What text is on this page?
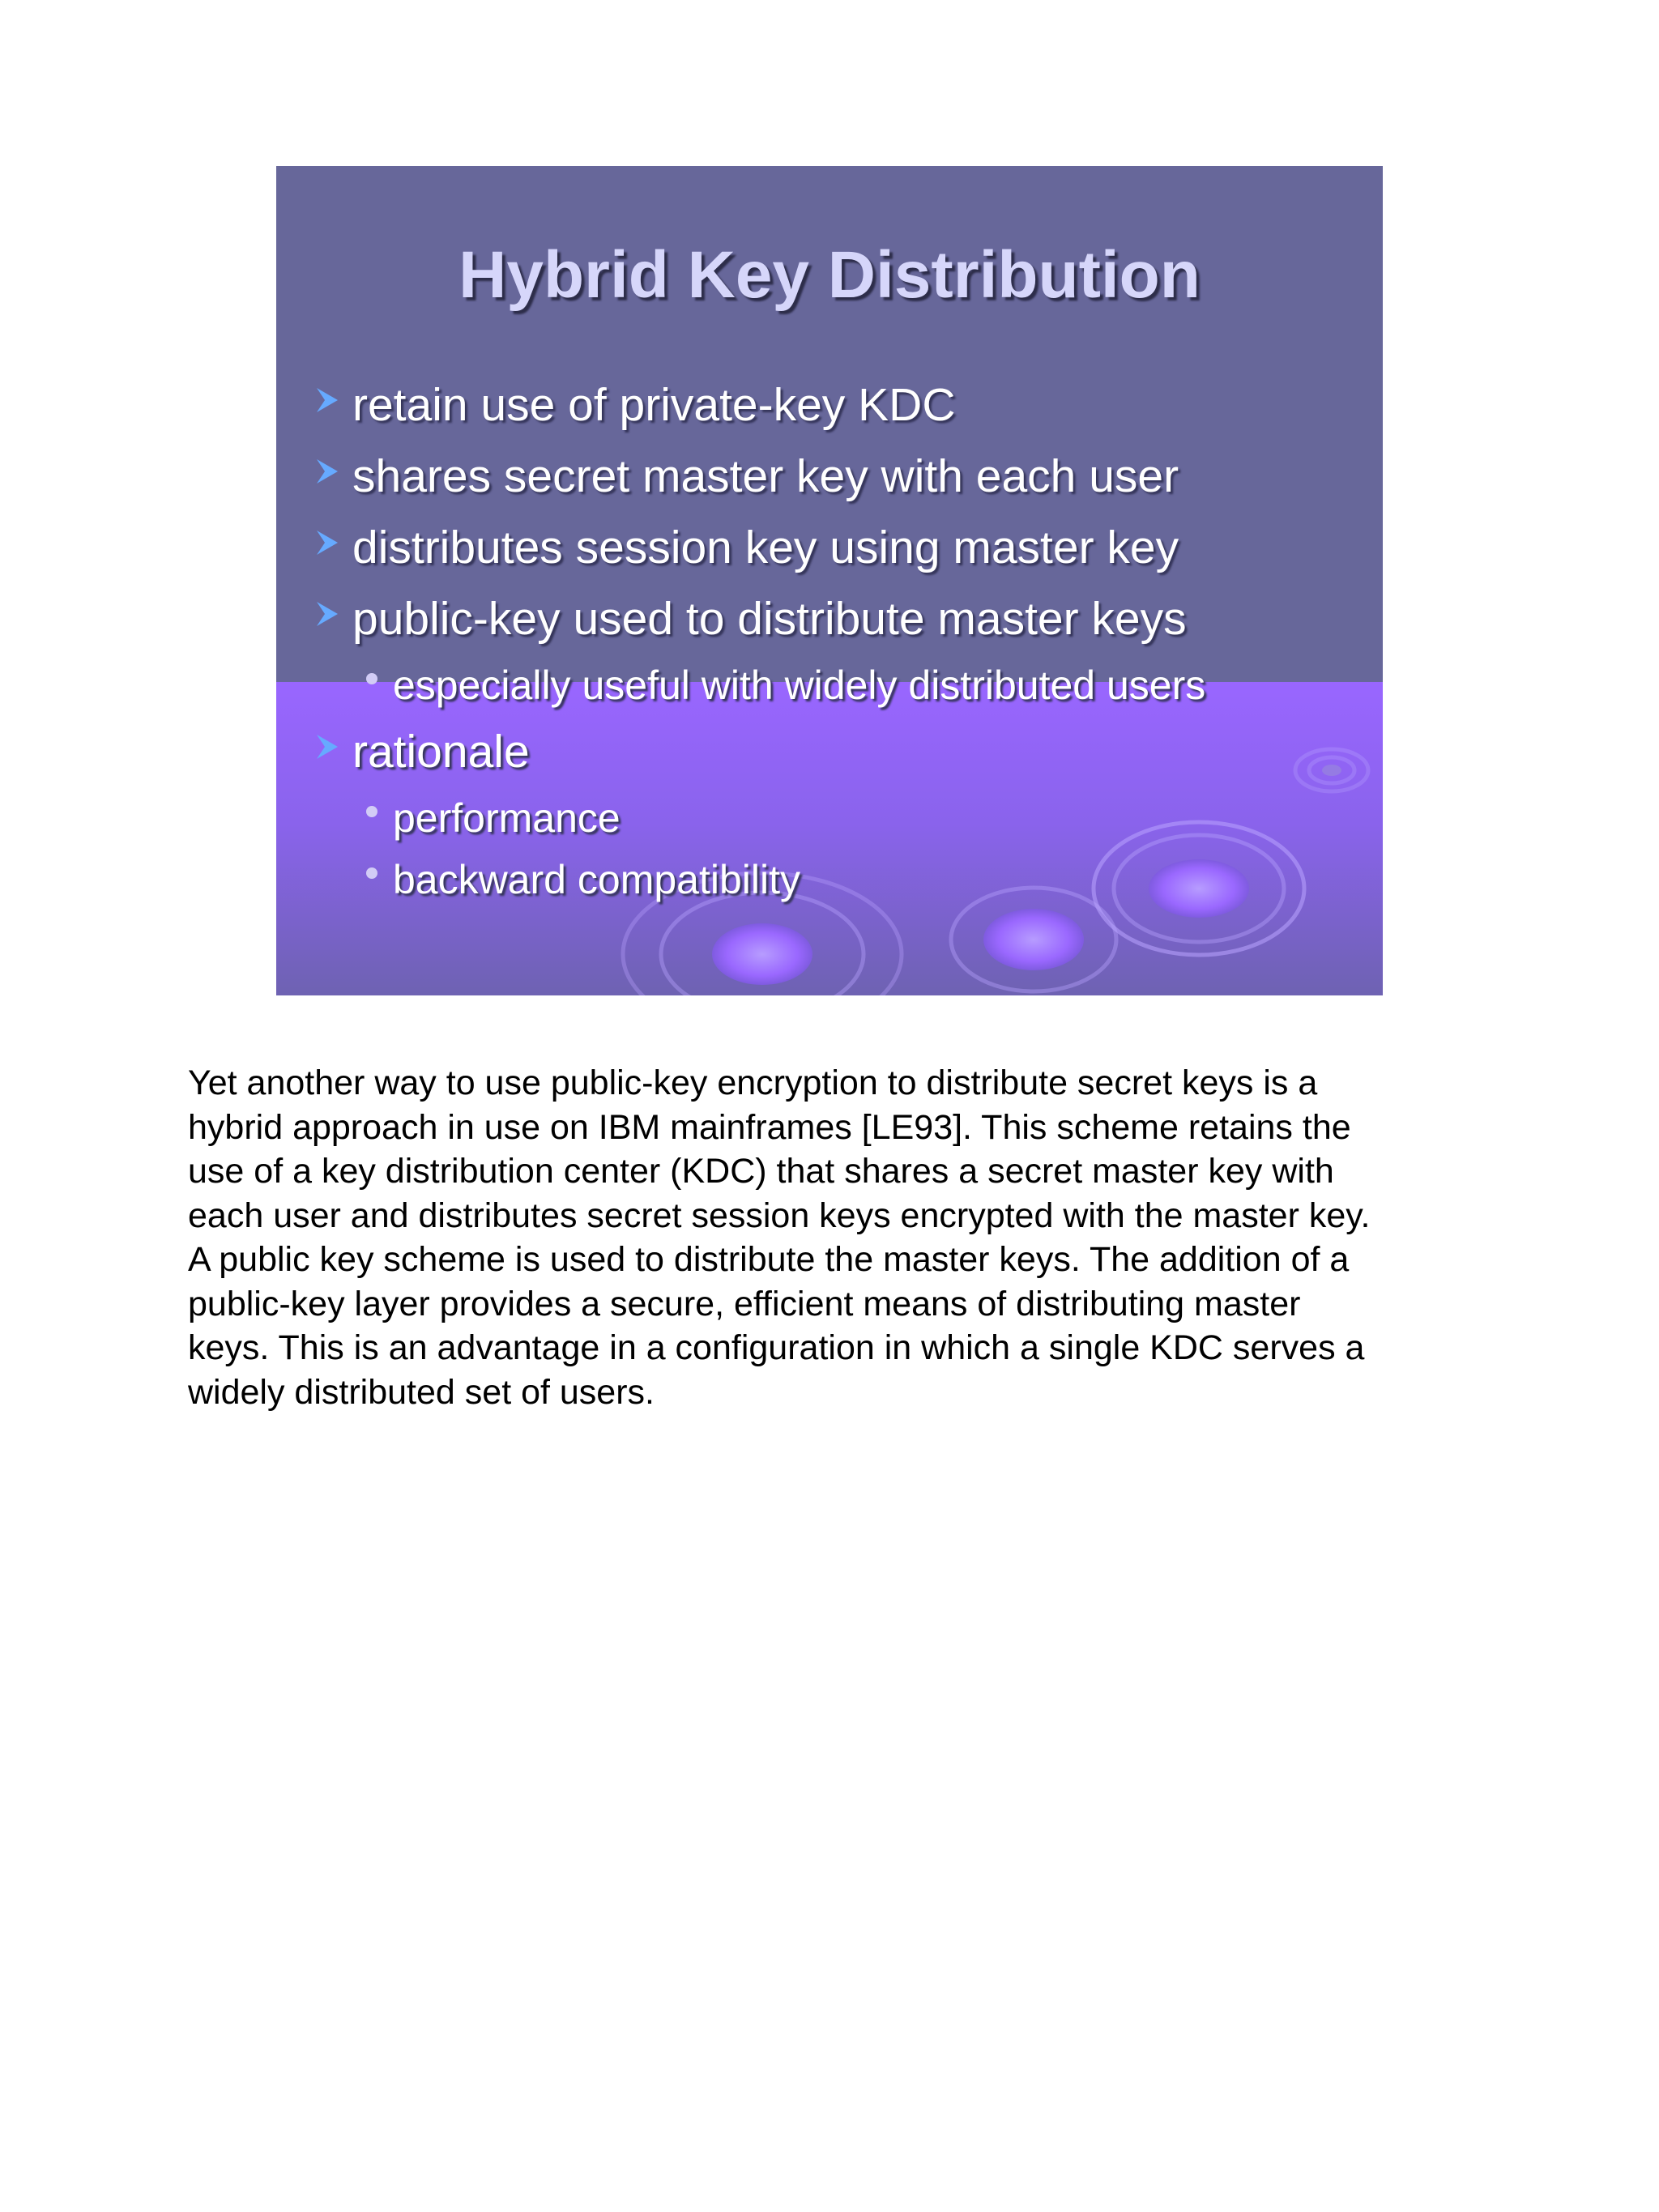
Hybrid Key Distribution
retain use of private-key KDC
shares secret master key with each user
distributes session key using master key
public-key used to distribute master keys
especially useful with widely distributed users
rationale
performance
backward compatibility
Yet another way to use public-key encryption to distribute secret keys is a
hybrid approach in use on IBM mainframes [LE93]. This scheme retains the
use of a key distribution center (KDC) that shares a secret master key with
each user and distributes secret session keys encrypted with the master key.
A public key scheme is used to distribute the master keys. The addition of a
public-key layer provides a secure, efficient means of distributing master
keys. This is an advantage in a configuration in which a single KDC serves a
widely distributed set of users.
